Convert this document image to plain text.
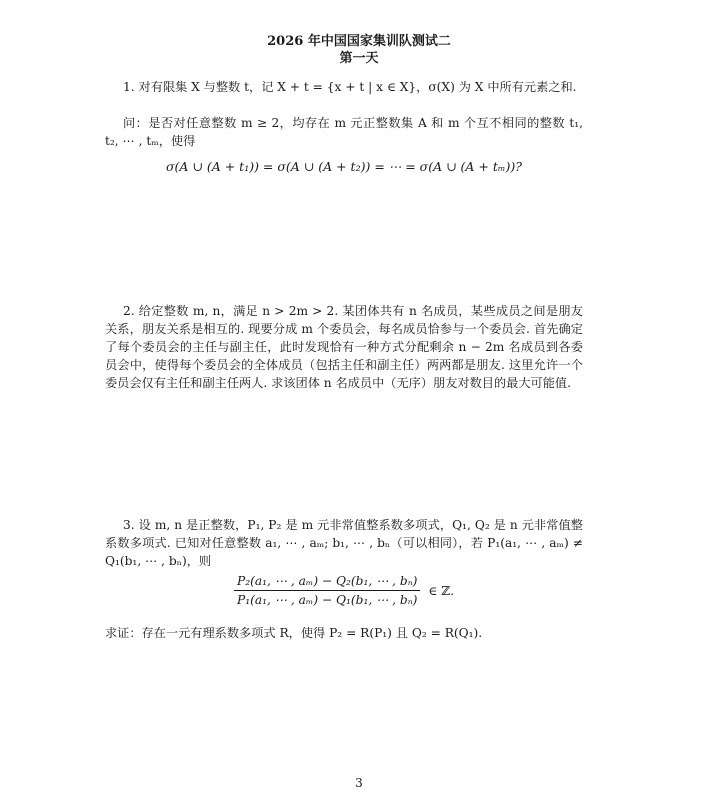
2026 年中国国家集训队测试二
第一天
1. 对有限集 X 与整数 t，记 X + t = {x + t | x ∈ X}，σ(X) 为 X 中所有元素之和.
问：是否对任意整数 m ≥ 2，均存在 m 元正整数集 A 和 m 个互不相同的整数 t₁, t₂, ⋯ , tₘ，使得
σ(A ∪ (A + t₁)) = σ(A ∪ (A + t₂)) = ⋯ = σ(A ∪ (A + tₘ))?
2. 给定整数 m, n，满足 n > 2m > 2. 某团体共有 n 名成员，某些成员之间是朋友关系，朋友关系是相互的. 现要分成 m 个委员会，每名成员恰参与一个委员会. 首先确定了每个委员会的主任与副主任，此时发现恰有一种方式分配剩余 n − 2m 名成员到各委员会中，使得每个委员会的全体成员（包括主任和副主任）两两都是朋友. 这里允许一个委员会仅有主任和副主任两人. 求该团体 n 名成员中（无序）朋友对数目的最大可能值.
3. 设 m, n 是正整数，P₁, P₂ 是 m 元非常值整系数多项式，Q₁, Q₂ 是 n 元非常值整系数多项式. 已知对任意整数 a₁, ⋯ , aₘ; b₁, ⋯ , bₙ（可以相同），若 P₁(a₁, ⋯ , aₘ) ≠ Q₁(b₁, ⋯ , bₙ)，则
$\frac{\text{P₂(a₁, ⋯ , aₘ) − Q₂(b₁, ⋯ , bₙ)}}{\text{P₁(a₁, ⋯ , aₘ) − Q₁(b₁, ⋯ , bₙ)}}$ ∈ ℤ.
求证：存在一元有理系数多项式 R，使得 P₂ = R(P₁) 且 Q₂ = R(Q₁).
3
